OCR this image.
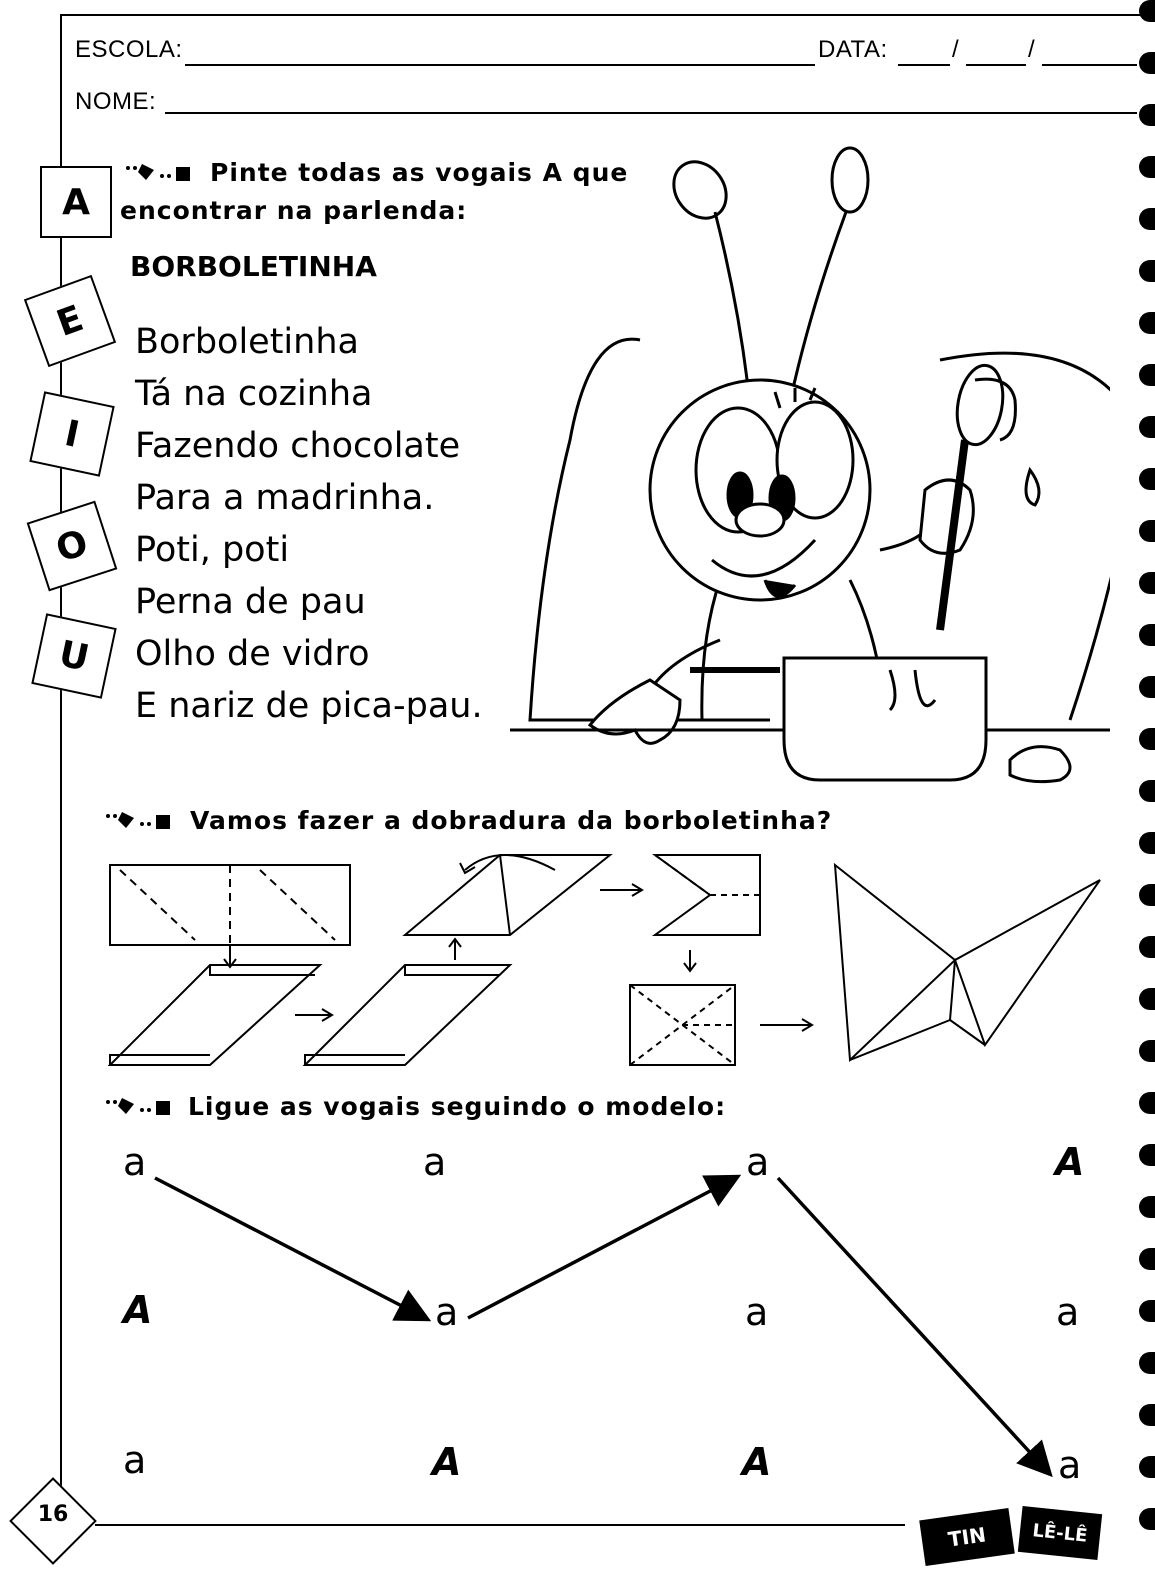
ESCOLA:	DATA:	/	/
NOME:
Pinte todas as vogais A que
encontrar na parlenda:
A
E
I
O
U
BORBOLETINHA
Borboletinha
Tá na cozinha
Fazendo chocolate
Para a madrinha.
Poti, poti
Perna de pau
Olho de vidro
E nariz de pica-pau.
Vamos fazer a dobradura da borboletinha?
Ligue as vogais seguindo o modelo:
a	a	a	A
A	a	a	a
a	A	A	a
16
TIN LÊ-LÊ
